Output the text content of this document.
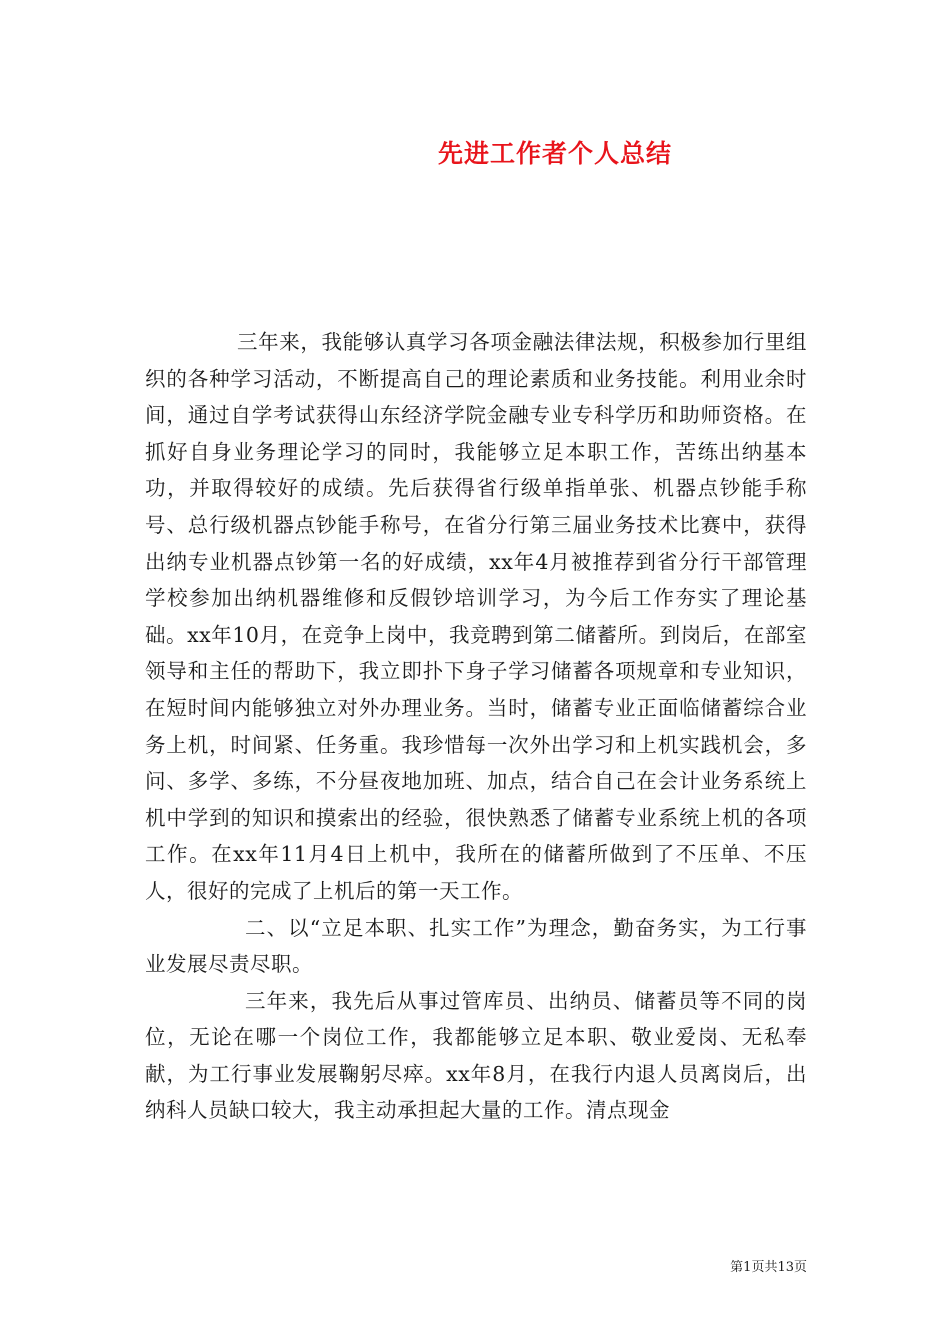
先进工作者个人总结

三年来，我能够认真学习各项金融法律法规，积极参加行里组织的各种学习活动，不断提高自己的理论素质和业务技能。利用业余时间，通过自学考试获得山东经济学院金融专业专科学历和助师资格。在抓好自身业务理论学习的同时，我能够立足本职工作，苦练出纳基本功，并取得较好的成绩。先后获得省行级单指单张、机器点钞能手称号、总行级机器点钞能手称号，在省分行第三届业务技术比赛中，获得出纳专业机器点钞第一名的好成绩，xx年4月被推荐到省分行干部管理学校参加出纳机器维修和反假钞培训学习，为今后工作夯实了理论基础。xx年10月，在竞争上岗中，我竞聘到第二储蓄所。到岗后，在部室领导和主任的帮助下，我立即扑下身子学习储蓄各项规章和专业知识，在短时间内能够独立对外办理业务。当时，储蓄专业正面临储蓄综合业务上机，时间紧、任务重。我珍惜每一次外出学习和上机实践机会，多问、多学、多练，不分昼夜地加班、加点，结合自己在会计业务系统上机中学到的知识和摸索出的经验，很快熟悉了储蓄专业系统上机的各项工作。在xx年11月4日上机中，我所在的储蓄所做到了不压单、不压人，很好的完成了上机后的第一天工作。

二、以“立足本职、扎实工作”为理念，勤奋务实，为工行事业发展尽责尽职。

三年来，我先后从事过管库员、出纳员、储蓄员等不同的岗位，无论在哪一个岗位工作，我都能够立足本职、敬业爱岗、无私奉献，为工行事业发展鞠躬尽瘁。xx年8月，在我行内退人员离岗后，出纳科人员缺口较大，我主动承担起大量的工作。清点现金

第1页共13页
